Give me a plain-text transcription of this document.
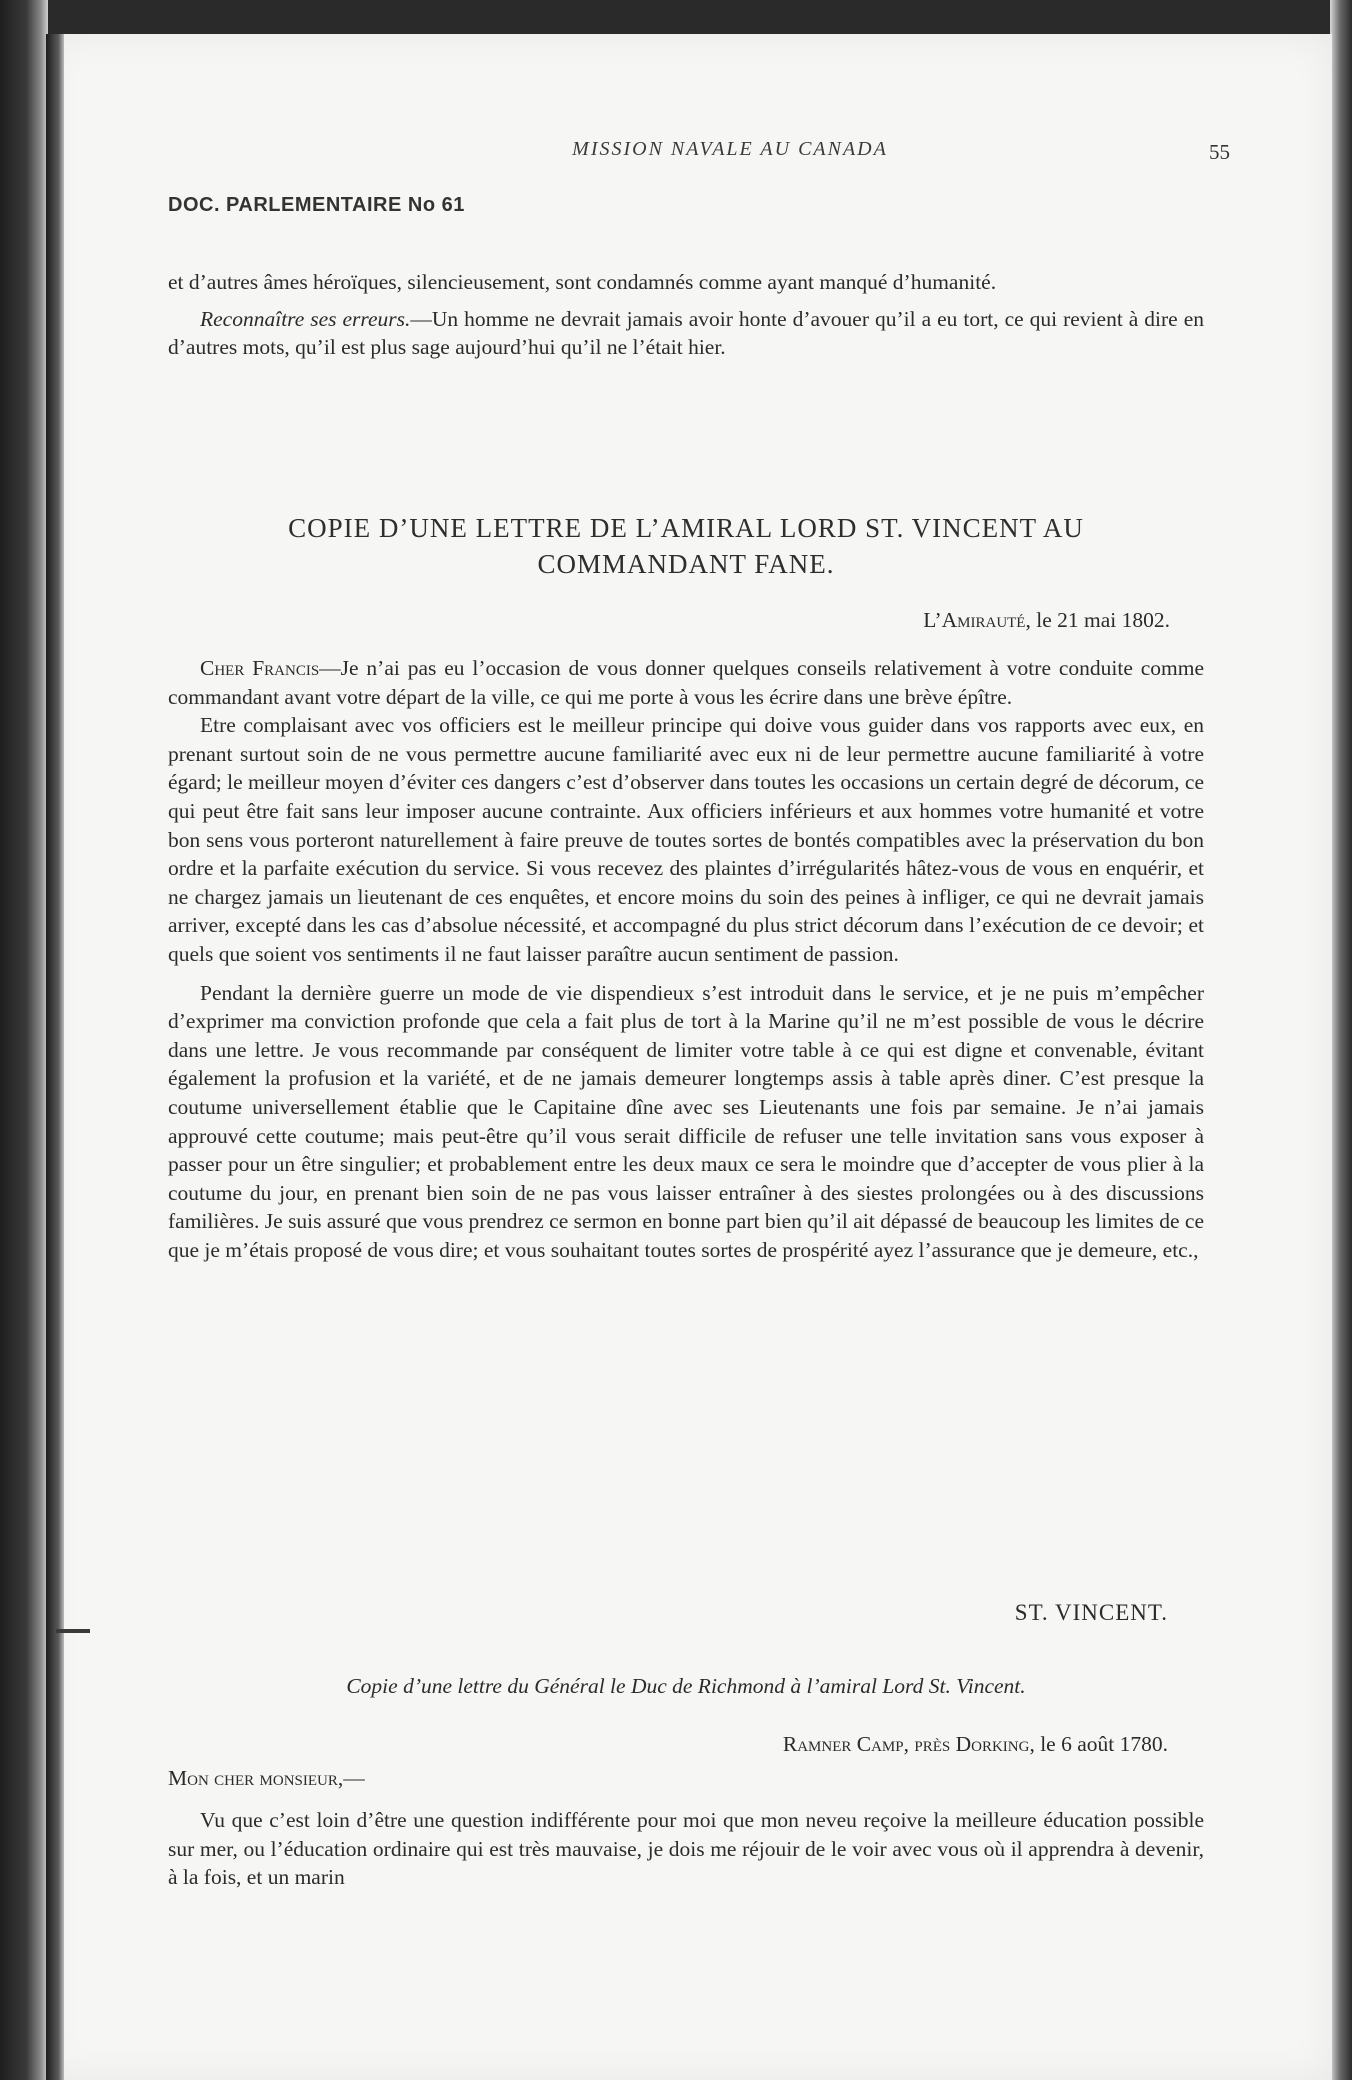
MISSION NAVALE AU CANADA	55
DOC. PARLEMENTAIRE No 61

et d’autres âmes héroïques, silencieusement, sont condamnés comme ayant manqué d’humanité.

Reconnaître ses erreurs.—Un homme ne devrait jamais avoir honte d’avouer qu’il a eu tort, ce qui revient à dire en d’autres mots, qu’il est plus sage aujourd’hui qu’il ne l’était hier.

COPIE D’UNE LETTRE DE L’AMIRAL LORD ST. VINCENT AU
COMMANDANT FANE.
L’Amirauté, le 21 mai 1802.

Cher Francis—Je n’ai pas eu l’occasion de vous donner quelques conseils relativement à votre conduite comme commandant avant votre départ de la ville, ce qui me porte à vous les écrire dans une brève épître.

Etre complaisant avec vos officiers est le meilleur principe qui doive vous guider dans vos rapports avec eux, en prenant surtout soin de ne vous permettre aucune familiarité avec eux ni de leur permettre aucune familiarité à votre égard; le meilleur moyen d’éviter ces dangers c’est d’observer dans toutes les occasions un certain degré de décorum, ce qui peut être fait sans leur imposer aucune contrainte. Aux officiers inférieurs et aux hommes votre humanité et votre bon sens vous porteront naturellement à faire preuve de toutes sortes de bontés compatibles avec la préservation du bon ordre et la parfaite exécution du service. Si vous recevez des plaintes d’irrégularités hâtez-vous de vous en enquérir, et ne chargez jamais un lieutenant de ces enquêtes, et encore moins du soin des peines à infliger, ce qui ne devrait jamais arriver, excepté dans les cas d’absolue nécessité, et accompagné du plus strict décorum dans l’exécution de ce devoir; et quels que soient vos sentiments il ne faut laisser paraître aucun sentiment de passion.

Pendant la dernière guerre un mode de vie dispendieux s’est introduit dans le service, et je ne puis m’empêcher d’exprimer ma conviction profonde que cela a fait plus de tort à la Marine qu’il ne m’est possible de vous le décrire dans une lettre. Je vous recommande par conséquent de limiter votre table à ce qui est digne et convenable, évitant également la profusion et la variété, et de ne jamais demeurer longtemps assis à table après diner. C’est presque la coutume universellement établie que le Capitaine dîne avec ses Lieutenants une fois par semaine. Je n’ai jamais approuvé cette coutume; mais peut-être qu’il vous serait difficile de refuser une telle invitation sans vous exposer à passer pour un être singulier; et probablement entre les deux maux ce sera le moindre que d’accepter de vous plier à la coutume du jour, en prenant bien soin de ne pas vous laisser entraîner à des siestes prolongées ou à des discussions familières. Je suis assuré que vous prendrez ce sermon en bonne part bien qu’il ait dépassé de beaucoup les limites de ce que je m’étais proposé de vous dire; et vous souhaitant toutes sortes de prospérité ayez l’assurance que je demeure, etc.,

ST. VINCENT.
Copie d’une lettre du Général le Duc de Richmond à l’amiral Lord St. Vincent.
Ramner Camp, près Dorking, le 6 août 1780.

Mon cher monsieur,—

Vu que c’est loin d’être une question indifférente pour moi que mon neveu reçoive la meilleure éducation possible sur mer, ou l’éducation ordinaire qui est très mauvaise, je dois me réjouir de le voir avec vous où il apprendra à devenir, à la fois, et un marin
